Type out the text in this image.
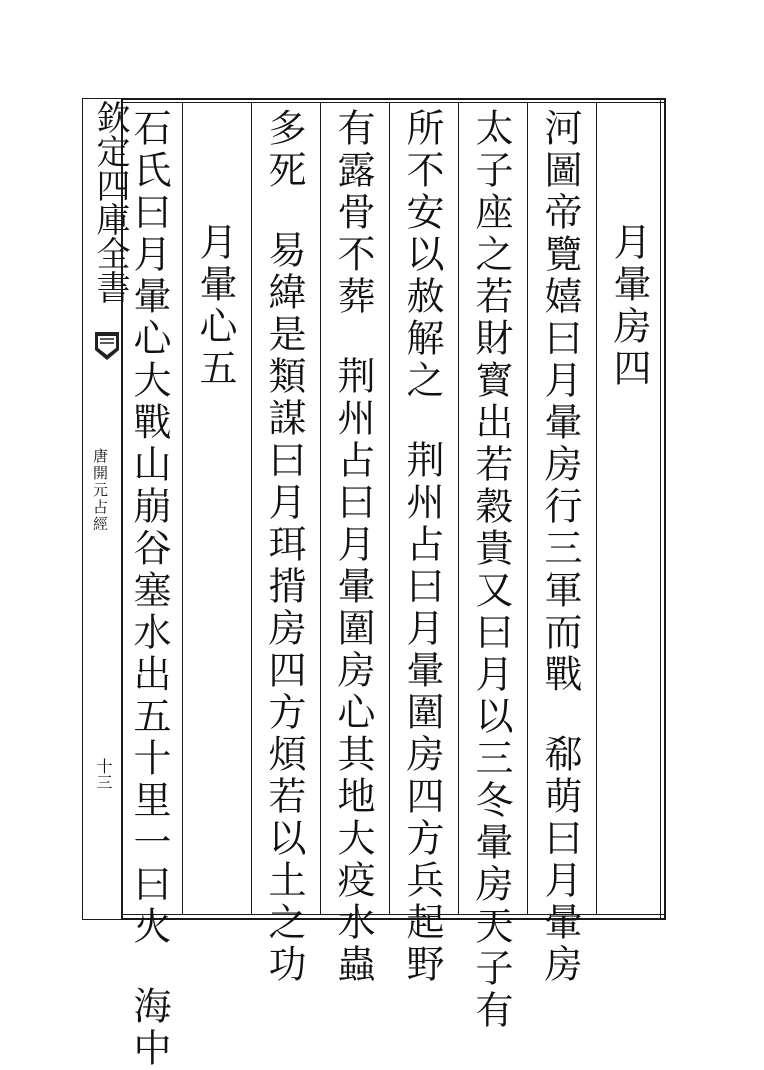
欽定四庫全書
唐開元占經
十三
月暈房四
河圖帝覽嬉曰月暈房行三軍而戰郗萌曰月暈房
太子座之若財寳出若穀貴又曰月以三冬暈房天子有
所不安以赦解之荆州占曰月暈圍房四方兵起野
有露骨不葬荆州占曰月暈圍房心其地大疫水蟲
多死易緯是類謀曰月珥揹房四方煩若以土之功
月暈心五
石氏曰月暈心大戰山崩谷塞水出五十里一曰火海中
